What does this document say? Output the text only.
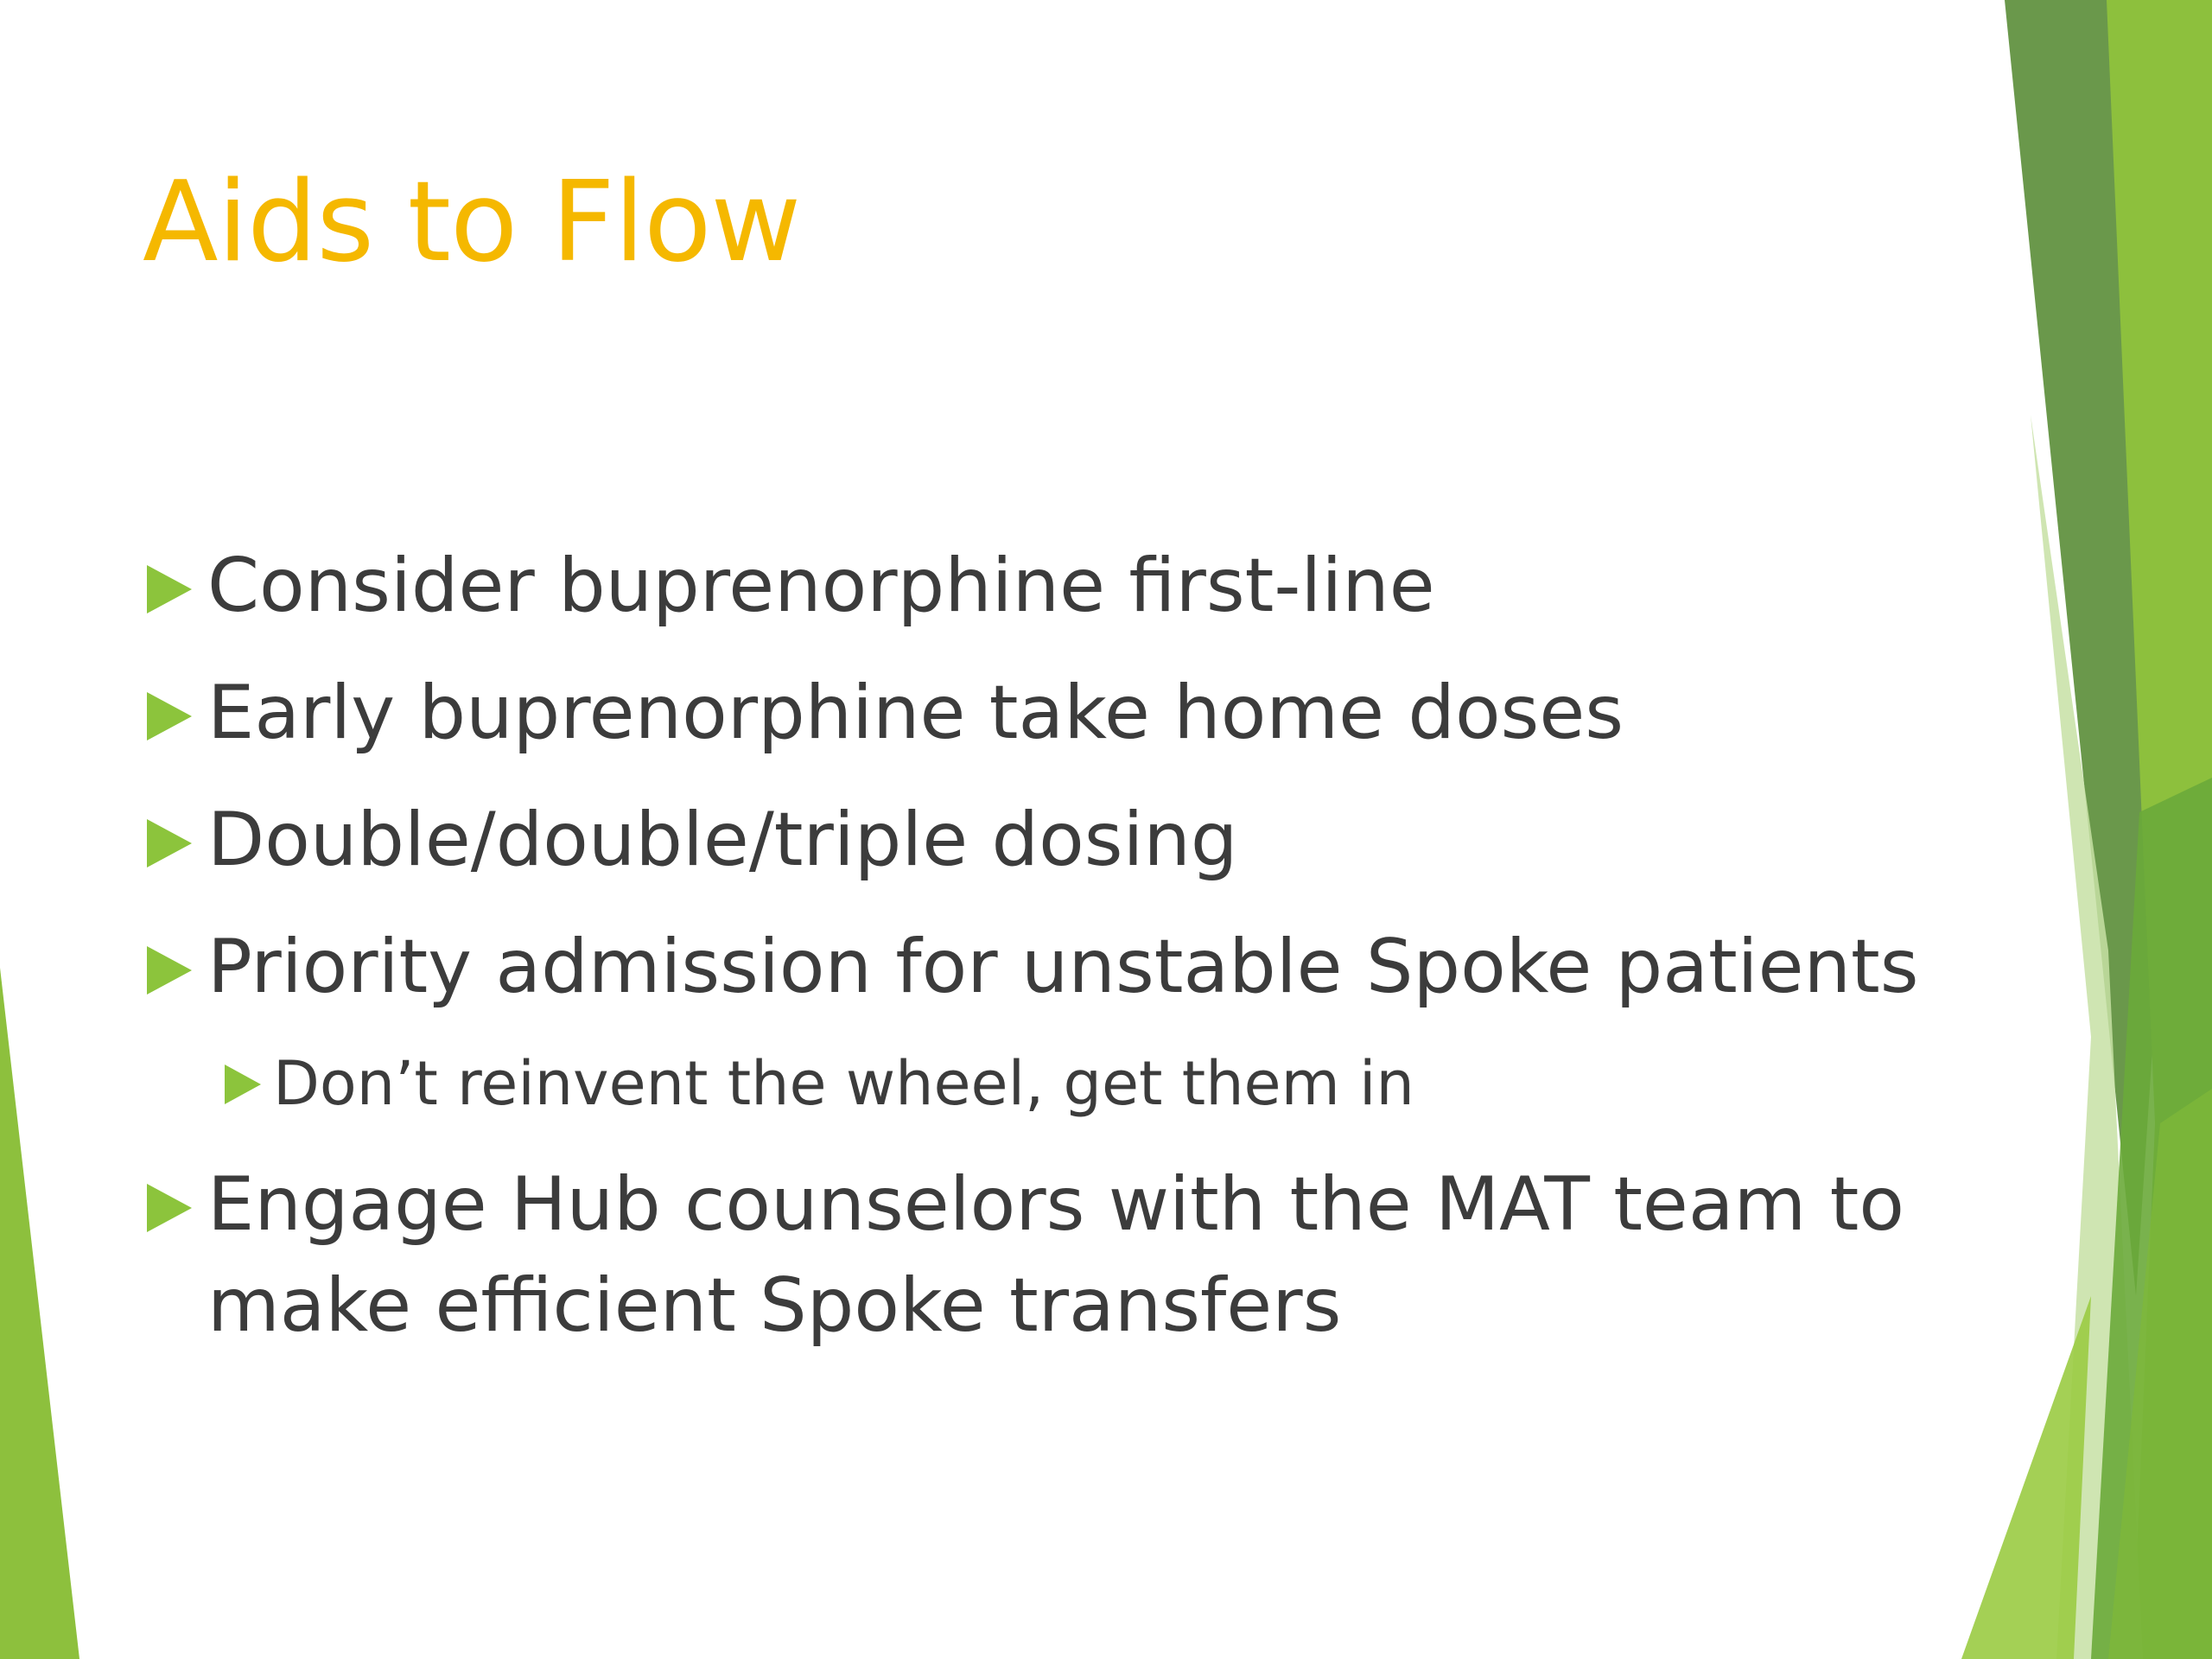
Aids to Flow
Consider buprenorphine first-line
Early buprenorphine take home doses
Double/double/triple dosing
Priority admission for unstable Spoke patients
Don’t reinvent the wheel, get them in
Engage Hub counselors with the MAT team to make efficient Spoke transfers
